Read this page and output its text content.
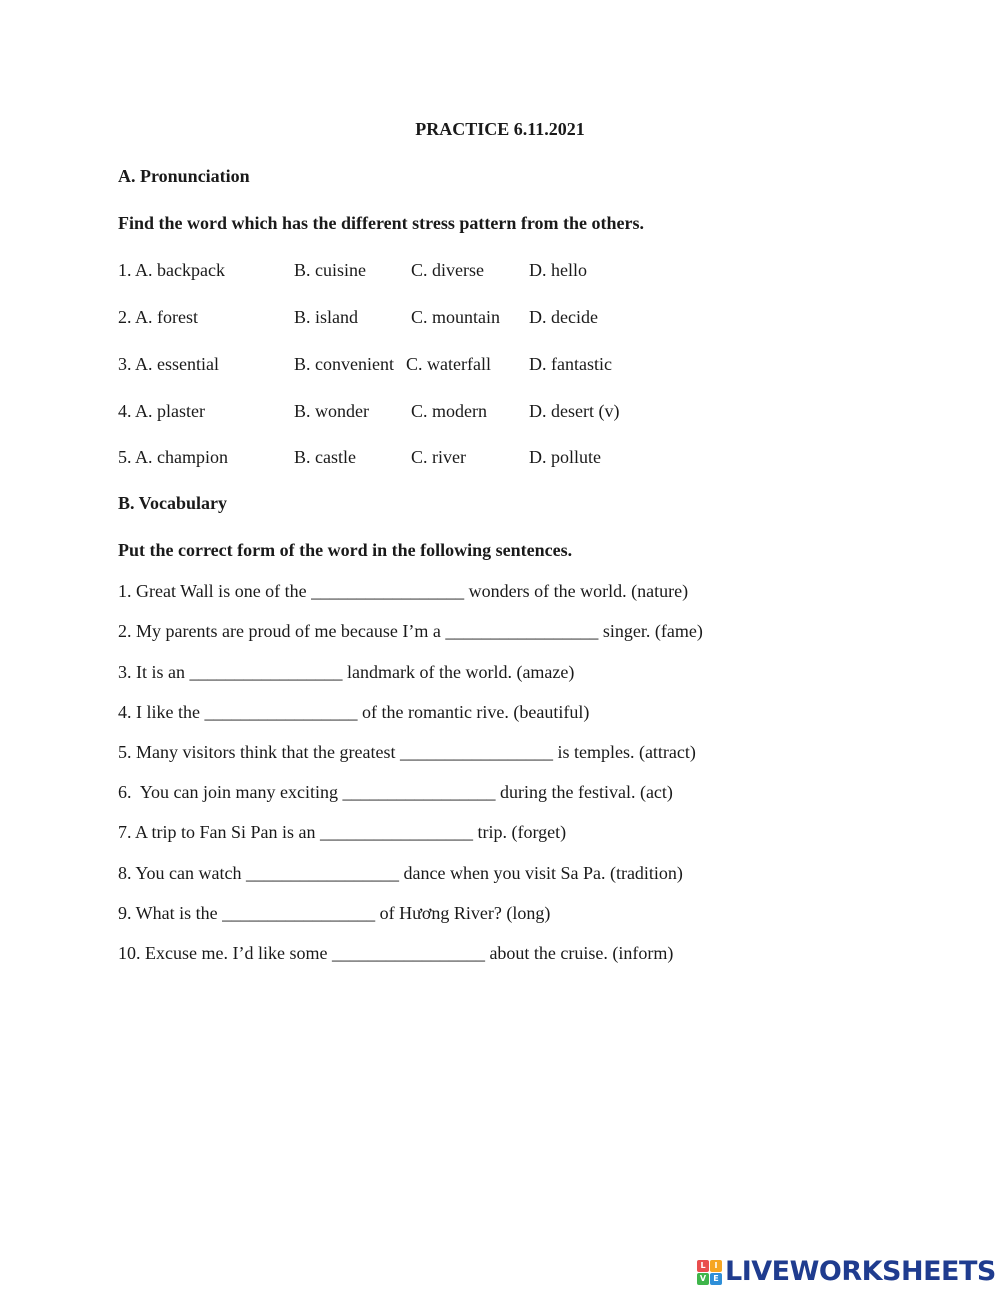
PRACTICE 6.11.2021
A. Pronunciation
Find the word which has the different stress pattern from the others.
1. A. backpack	B. cuisine	C. diverse	D. hello
2. A. forest	B. island	C. mountain D. decide
3. A. essential	B. convenient C. waterfall D. fantastic
4. A. plaster	B. wonder C. modern D. desert (v)
5. A. champion	B. castle	C. river	D. pollute
B. Vocabulary
Put the correct form of the word in the following sentences.
1. Great Wall is one of the _________________ wonders of the world. (nature)
2. My parents are proud of me because I’m a _________________ singer. (fame)
3. It is an _________________ landmark of the world. (amaze)
4. I like the _________________ of the romantic rive. (beautiful)
5. Many visitors think that the greatest _________________ is temples. (attract)
6.  You can join many exciting _________________ during the festival. (act)
7. A trip to Fan Si Pan is an _________________ trip. (forget)
8. You can watch _________________ dance when you visit Sa Pa. (tradition)
9. What is the _________________ of Hương River? (long)
10. Excuse me. I’d like some _________________ about the cruise. (inform)
L	I
V E LIVEWORKSHEETS
